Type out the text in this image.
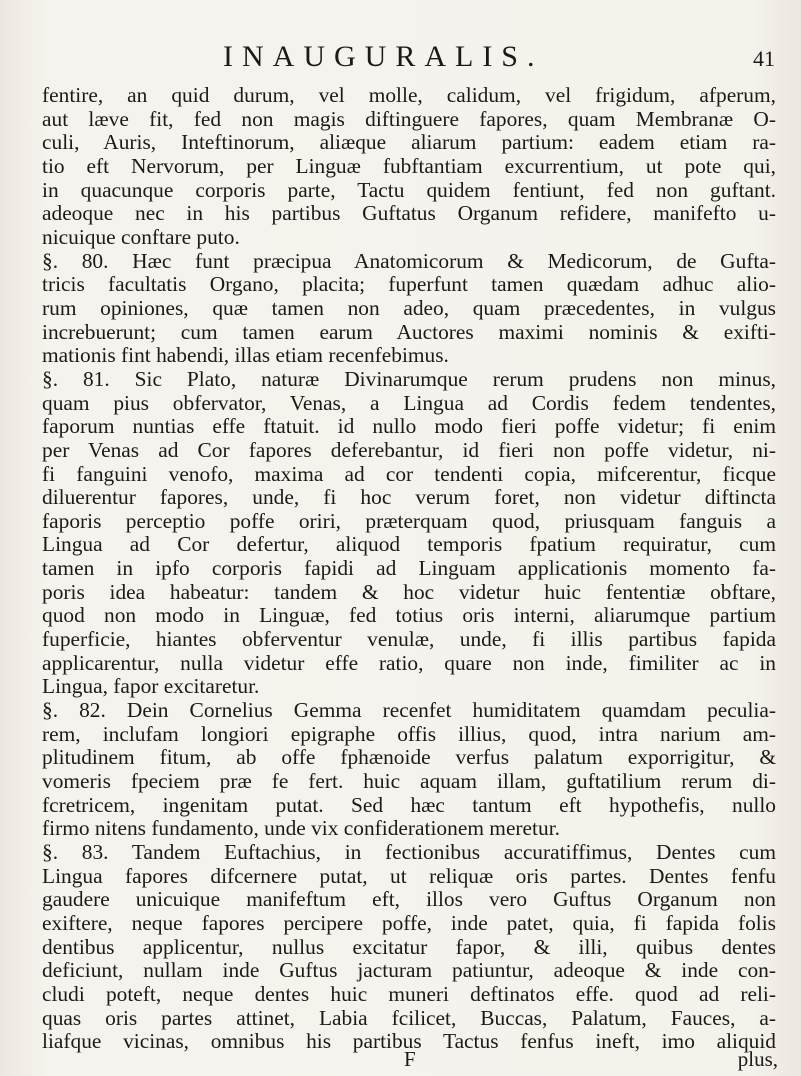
INAUGURALIS.	41
fentire, an quid durum, vel molle, calidum, vel frigidum, afperum,
aut læve fit, fed non magis diftinguere fapores, quam Membranæ O-
culi, Auris, Inteftinorum, aliæque aliarum partium: eadem etiam ra-
tio eft Nervorum, per Linguæ fubftantiam excurrentium, ut pote qui,
in quacunque corporis parte, Tactu quidem fentiunt, fed non guftant.
adeoque nec in his partibus Guftatus Organum refidere, manifefto u-
nicuique conftare puto.
§. 80. Hæc funt præcipua Anatomicorum & Medicorum, de Gufta-
tricis facultatis Organo, placita; fuperfunt tamen quædam adhuc alio-
rum opiniones, quæ tamen non adeo, quam præcedentes, in vulgus
increbuerunt; cum tamen earum Auctores maximi nominis & exifti-
mationis fint habendi, illas etiam recenfebimus.
§. 81. Sic Plato, naturæ Divinarumque rerum prudens non minus,
quam pius obfervator, Venas, a Lingua ad Cordis fedem tendentes,
faporum nuntias effe ftatuit. id nullo modo fieri poffe videtur; fi enim
per Venas ad Cor fapores deferebantur, id fieri non poffe videtur, ni-
fi fanguini venofo, maxima ad cor tendenti copia, mifcerentur, ficque
diluerentur fapores, unde, fi hoc verum foret, non videtur diftincta
faporis perceptio poffe oriri, præterquam quod, priusquam fanguis a
Lingua ad Cor defertur, aliquod temporis fpatium requiratur, cum
tamen in ipfo corporis fapidi ad Linguam applicationis momento fa-
poris idea habeatur: tandem & hoc videtur huic fententiæ obftare,
quod non modo in Linguæ, fed totius oris interni, aliarumque partium
fuperficie, hiantes obferventur venulæ, unde, fi illis partibus fapida
applicarentur, nulla videtur effe ratio, quare non inde, fimiliter ac in
Lingua, fapor excitaretur.
§. 82. Dein Cornelius Gemma recenfet humiditatem quamdam peculia-
rem, inclufam longiori epigraphe offis illius, quod, intra narium am-
plitudinem fitum, ab offe fphænoide verfus palatum exporrigitur, &
vomeris fpeciem præ fe fert. huic aquam illam, guftatilium rerum di-
fcretricem, ingenitam putat. Sed hæc tantum eft hypothefis, nullo
firmo nitens fundamento, unde vix confiderationem meretur.
§. 83. Tandem Euftachius, in fectionibus accuratiffimus, Dentes cum
Lingua fapores difcernere putat, ut reliquæ oris partes. Dentes fenfu
gaudere unicuique manifeftum eft, illos vero Guftus Organum non
exiftere, neque fapores percipere poffe, inde patet, quia, fi fapida folis
dentibus applicentur, nullus excitatur fapor, & illi, quibus dentes
deficiunt, nullam inde Guftus jacturam patiuntur, adeoque & inde con-
cludi poteft, neque dentes huic muneri deftinatos effe. quod ad reli-
quas oris partes attinet, Labia fcilicet, Buccas, Palatum, Fauces, a-
liafque vicinas, omnibus his partibus Tactus fenfus ineft, imo aliquid
F	plus,
